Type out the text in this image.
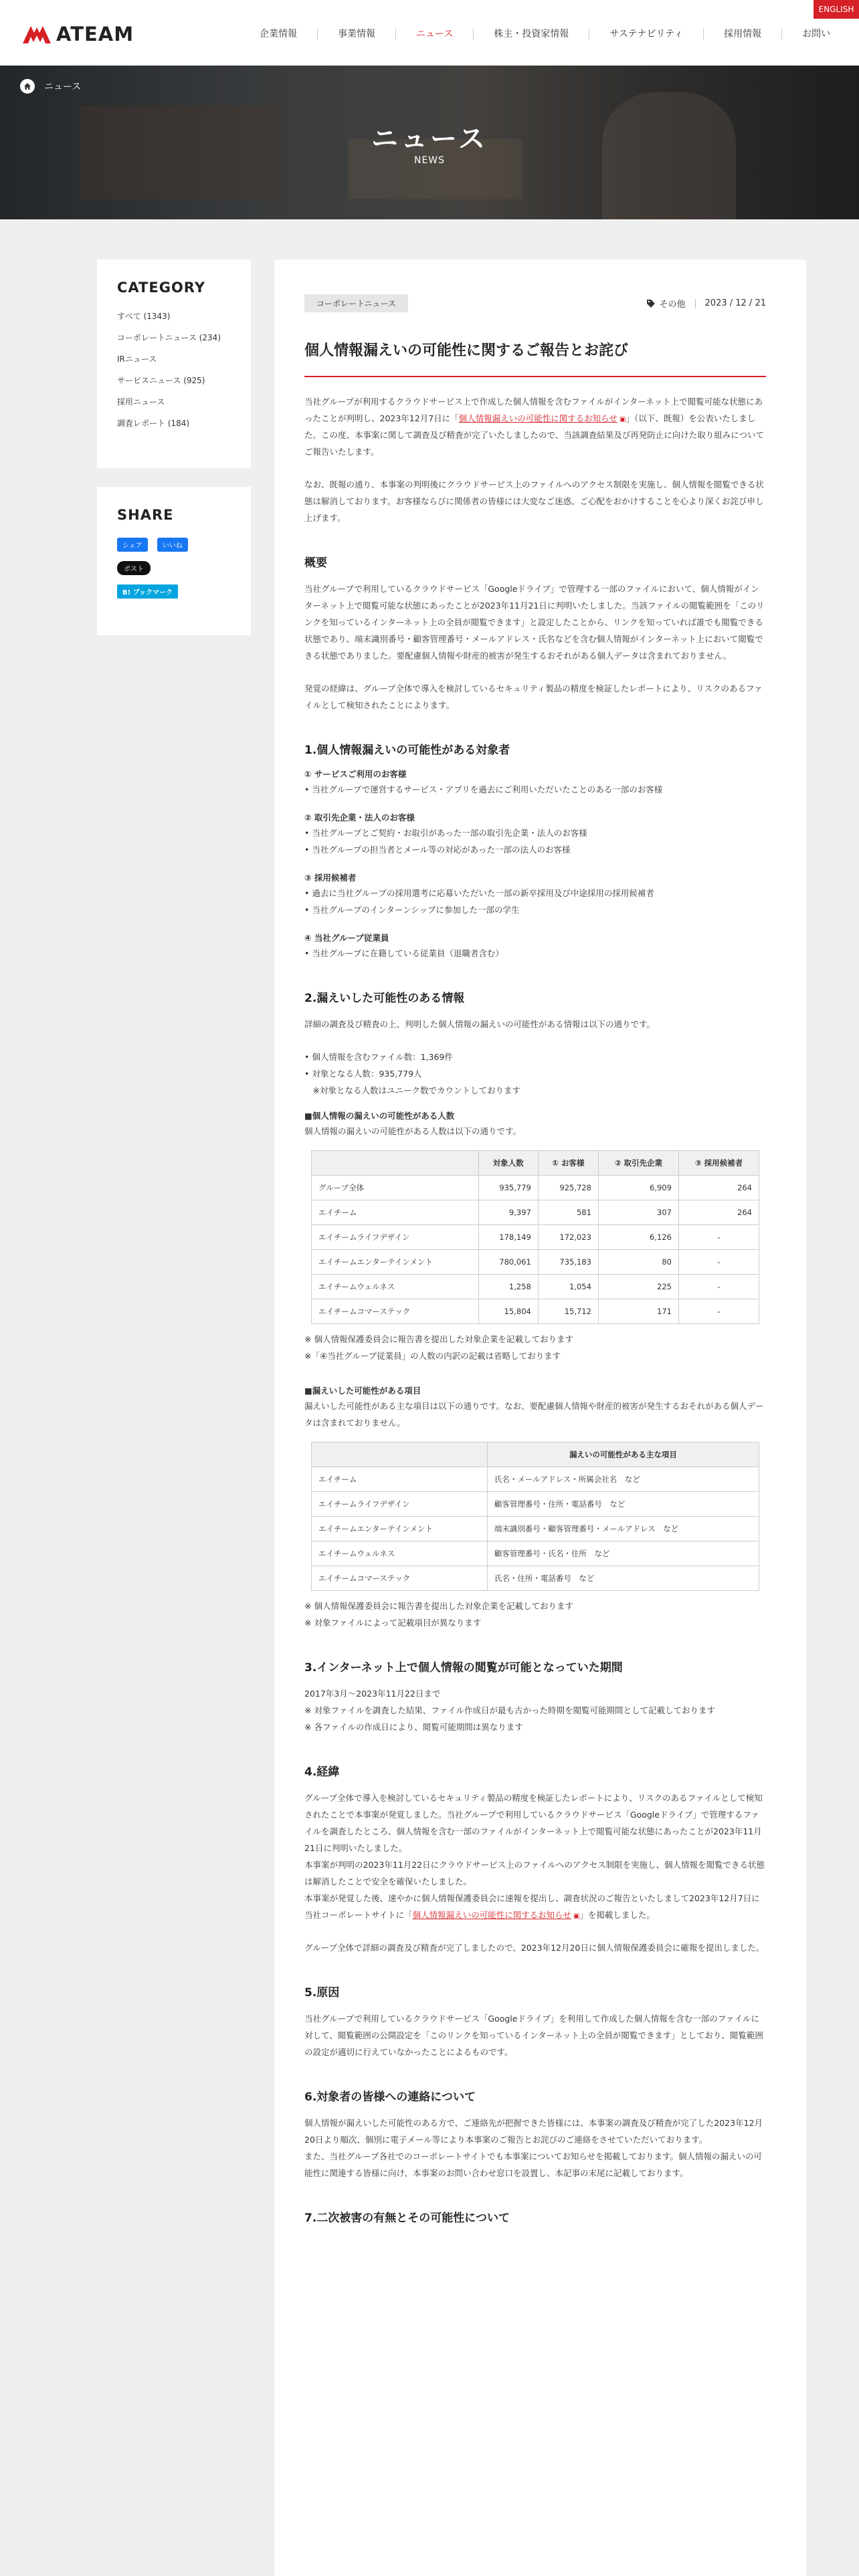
ATEAM	企業情報	事業情報	ニュース	株主・投資家情報	サステナビリティ	採用情報	お問い
ENGLISH
ニュース
ニュース
NEWS
CATEGORY
すべて (1343)
コーポレートニュース (234)
IRニュース
サービスニュース (925)
採用ニュース
調査レポート (184)
SHARE
シェア	いいね
ポスト
B! ブックマーク
コーポレートニュース	その他 2023 / 12 / 21
個人情報漏えいの可能性に関するご報告とお詫び

当社グループが利用するクラウドサービス上で作成した個人情報を含むファイルがインターネット上で閲覧可能な状態にあったことが判明し、2023年12月7日に「個人情報漏えいの可能性に関するお知らせ ▣」（以下、既報）を公表いたしました。この度、本事案に関して調査及び精査が完了いたしましたので、当該調査結果及び再発防止に向けた取り組みについてご報告いたします。

なお、既報の通り、本事案の判明後にクラウドサービス上のファイルへのアクセス制限を実施し、個人情報を閲覧できる状態は解消しております。お客様ならびに関係者の皆様には大変なご迷惑、ご心配をおかけすることを心より深くお詫び申し上げます。

概要

当社グループで利用しているクラウドサービス「Googleドライブ」で管理する一部のファイルにおいて、個人情報がインターネット上で閲覧可能な状態にあったことが2023年11月21日に判明いたしました。当該ファイルの閲覧範囲を「このリンクを知っているインターネット上の全員が閲覧できます」と設定したことから、リンクを知っていれば誰でも閲覧できる状態であり、端末識別番号・顧客管理番号・メールアドレス・氏名などを含む個人情報がインターネット上において閲覧できる状態でありました。要配慮個人情報や財産的被害が発生するおそれがある個人データは含まれておりません。

発覚の経緯は、グループ全体で導入を検討しているセキュリティ製品の精度を検証したレポートにより、リスクのあるファイルとして検知されたことによります。

1.個人情報漏えいの可能性がある対象者
① サービスご利用のお客様
• 当社グループで運営するサービス・アプリを過去にご利用いただいたことのある一部のお客様
② 取引先企業・法人のお客様
• 当社グループとご契約・お取引があった一部の取引先企業・法人のお客様
• 当社グループの担当者とメール等の対応があった一部の法人のお客様
③ 採用候補者
• 過去に当社グループの採用選考に応募いただいた一部の新卒採用及び中途採用の採用候補者
• 当社グループのインターンシップに参加した一部の学生
④ 当社グループ従業員
• 当社グループに在籍している従業員（退職者含む）
2.漏えいした可能性のある情報

詳細の調査及び精査の上、判明した個人情報の漏えいの可能性がある情報は以下の通りです。

• 個人情報を含むファイル数：1,369件
• 対象となる人数：935,779人
　※対象となる人数はユニーク数でカウントしております
■個人情報の漏えいの可能性がある人数

個人情報の漏えいの可能性がある人数は以下の通りです。

	対象人数	① お客様	② 取引先企業	③ 採用候補者
グループ全体	935,779	925,728	6,909	264
エイチーム	9,397	581	307	264
エイチームライフデザイン	178,149	172,023	6,126	-
エイチームエンターテインメント	780,061	735,183	80	-
エイチームウェルネス	1,258	1,054	225	-
エイチームコマーステック	15,804	15,712	171	-
※ 個人情報保護委員会に報告書を提出した対象企業を記載しております
※「④当社グループ従業員」の人数の内訳の記載は省略しております
■漏えいした可能性がある項目

漏えいした可能性がある主な項目は以下の通りです。なお、要配慮個人情報や財産的被害が発生するおそれがある個人データは含まれておりません。

	漏えいの可能性がある主な項目
エイチーム	氏名・メールアドレス・所属会社名　など
エイチームライフデザイン	顧客管理番号・住所・電話番号　など
エイチームエンターテインメント	端末識別番号・顧客管理番号・メールアドレス　など
エイチームウェルネス	顧客管理番号・氏名・住所　など
エイチームコマーステック	氏名・住所・電話番号　など
※ 個人情報保護委員会に報告書を提出した対象企業を記載しております
※ 対象ファイルによって記載項目が異なります
3.インターネット上で個人情報の閲覧が可能となっていた期間
2017年3月〜2023年11月22日まで
※ 対象ファイルを調査した結果、ファイル作成日が最も古かった時期を閲覧可能期間として記載しております
※ 各ファイルの作成日により、閲覧可能期間は異なります
4.経緯

グループ全体で導入を検討しているセキュリティ製品の精度を検証したレポートにより、リスクのあるファイルとして検知されたことで本事案が発覚しました。当社グループで利用しているクラウドサービス「Googleドライブ」で管理するファイルを調査したところ、個人情報を含む一部のファイルがインターネット上で閲覧可能な状態にあったことが2023年11月21日に判明いたしました。

本事案が判明の2023年11月22日にクラウドサービス上のファイルへのアクセス制限を実施し、個人情報を閲覧できる状態は解消したことで安全を確保いたしました。

本事案が発覚した後、速やかに個人情報保護委員会に速報を提出し、調査状況のご報告といたしまして2023年12月7日に当社コーポレートサイトに「個人情報漏えいの可能性に関するお知らせ ▣」を掲載しました。

グループ全体で詳細の調査及び精査が完了しましたので、2023年12月20日に個人情報保護委員会に確報を提出しました。

5.原因

当社グループで利用しているクラウドサービス「Googleドライブ」を利用して作成した個人情報を含む一部のファイルに対して、閲覧範囲の公開設定を「このリンクを知っているインターネット上の全員が閲覧できます」としており、閲覧範囲の設定が適切に行えていなかったことによるものです。

6.対象者の皆様への連絡について

個人情報が漏えいした可能性のある方で、ご連絡先が把握できた皆様には、本事案の調査及び精査が完了した2023年12月20日より順次、個別に電子メール等により本事案のご報告とお詫びのご連絡をさせていただいております。

また、当社グループ各社でのコーポレートサイトでも本事案についてお知らせを掲載しております。個人情報の漏えいの可能性に関連する皆様に向け、本事案のお問い合わせ窓口を設置し、本記事の末尾に記載しております。

7.二次被害の有無とその可能性について
